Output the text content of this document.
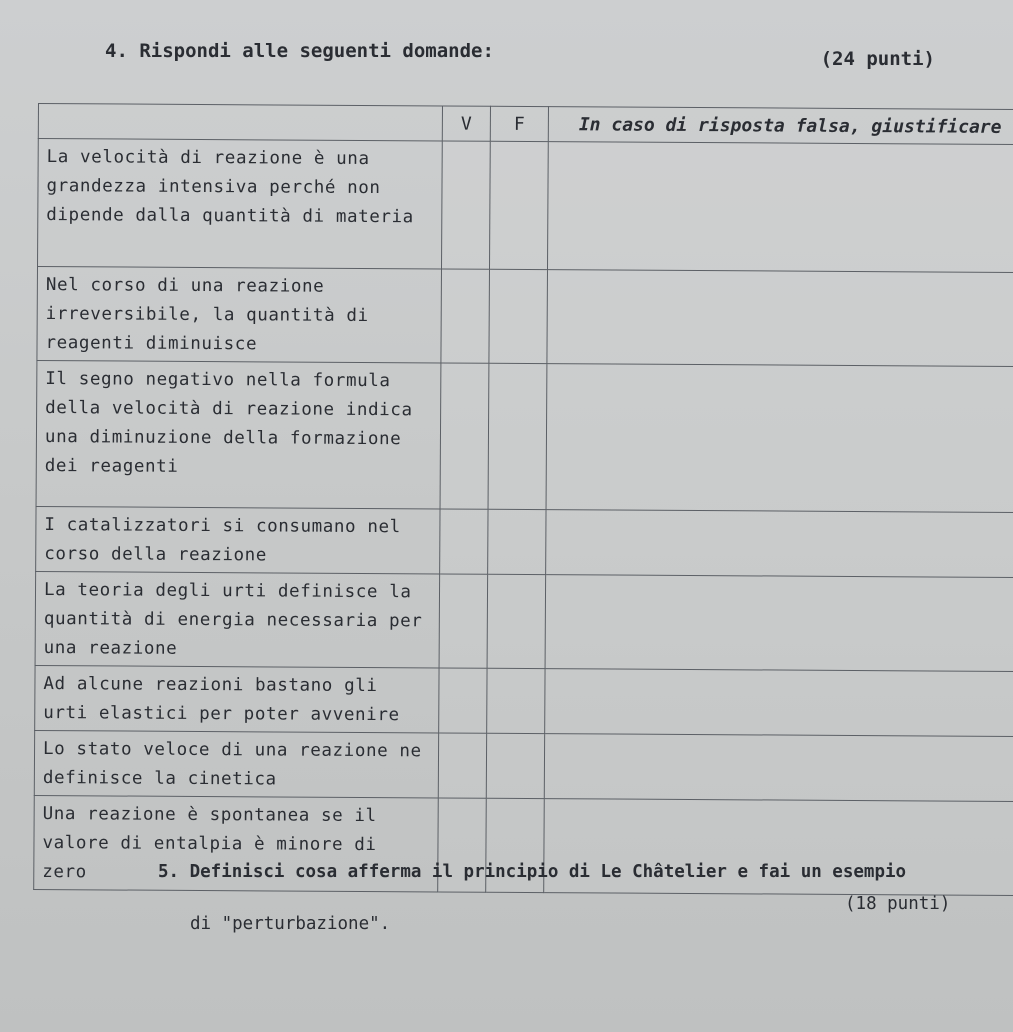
4. Rispondi alle seguenti domande:	(24 punti)
	V	F	In caso di risposta falsa, giustificare
La velocità di reazione è una grandezza intensiva perché non dipende dalla quantità di materia			
Nel corso di una reazione irreversibile, la quantità di reagenti diminuisce			
Il segno negativo nella formula della velocità di reazione indica una diminuzione della formazione dei reagenti			
I catalizzatori si consumano nel corso della reazione			
La teoria degli urti definisce la quantità di energia necessaria per una reazione			
Ad alcune reazioni bastano gli urti elastici per poter avvenire			
Lo stato veloce di una reazione ne definisce la cinetica			
Una reazione è spontanea se il valore di entalpia è minore di zero				5. Definisci cosa afferma il principio di Le Châtelier e fai un esempio
(18 punti)
di "perturbazione".
